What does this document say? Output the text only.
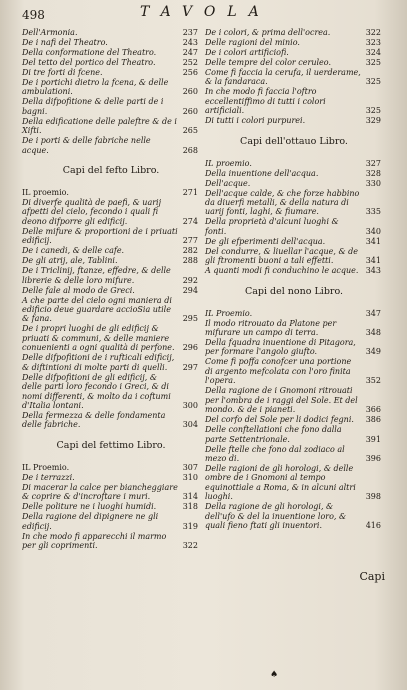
498	TAVOLA
Dell'Armonia.	237
De i nafi del Theatro.	243
Della conformatione del Theatro.	247
Del tetto del portico del Theatro.	252
Di tre forti di fcene.	256
De i portichi dietro la fcena, & delle ambulationi.	260
Della difpofitione & delle parti de i bagni.	260
Della edificatione delle paleftre & de i Xifti.	265
De i porti & delle fabriche nelle acque.	268
Capi del fefto Libro.
IL proemio.	271
Di diverfe qualità de paefi, & uarij afpetti del cielo, fecondo i quali fi deono difporre gli edificij.	274
Delle mifure & proportioni de i priuati edificij.	277
De i canedi, & delle cafe.	282
De gli atrij, ale, Tablini.	288
De i Triclinij, ftanze, effedre, & delle librerie & delle loro mifure.	292
Delle fale al modo de Greci.	294
A che parte del cielo ogni maniera di edificio deue guardare accioSia utile & fana.	295
De i propri luoghi de gli edificij & priuati & communi, & delle maniere conuenienti a ogni qualità di perfone. 296
Delle difpofitioni de i rufticali edificij, & diftintioni di molte parti di quelli. 297
Delle difpofitioni de gli edificij, & delle parti loro fecondo i Greci, & di nomi differenti, & molto da i coftumi d'Italia lontani.	300
Della fermezza & delle fondamenta delle fabriche.	304
Capi del fettimo Libro.
IL Proemio.	307
De i terrazzi.	310
Di macerar la calce per biancheggiare & coprire & d'incroftare i muri.	314
Delle politure ne i luoghi humidi.	318
Della ragione del dipignere ne gli edificij.	319
In che modo fi apparecchi il marmo per gli coprimenti.	322
De i colori, & prima dell'ocrea.	322
Delle ragioni del minio.	323
De i colori artificiofi.	324
Delle tempre del color ceruleo.	325
Come fi faccia la cerufa, il uerderame, & la fandaraca.	325
In che modo fi faccia l'oftro eccellentiffimo di tutti i colori artificiali.	325
Di tutti i colori purpurei.	329
Capi dell'ottauo Libro.
IL proemio.	327
Della inuentione dell'acqua.	328
Dell'acque.	330
Dell'acque calde, & che forze habbino da diuerfi metalli, & della natura di uarij fonti, laghi, & fiumare.	335
Della proprietà d'alcuni luoghi & fonti.	340
De gli efperimenti dell'acqua.	341
Del condurre, & liuellar l'acque, & de gli ftromenti buoni a tali effetti.	341
A quanti modi fi conduchino le acque. 343
Capi del nono Libro.
IL Proemio.	347
Il modo ritrouato da Platone per mifurare un campo di terra.	348
Della fquadra inuentione di Pitagora, per formare l'angolo giufto.	349
Come fi poffa conofcer una portione di argento mefcolata con l'oro finita l'opera.	352
Della ragione de i Gnomoni ritrouati per l'ombra de i raggi del Sole. Et del mondo. & de i pianeti.	366
Del corfo del Sole per li dodici fegni. 386
Delle conftellationi che fono dalla parte Settentrionale.	391
Delle ftelle che fono dal zodiaco al mezo di.	396
Delle ragioni de gli horologi, & delle ombre de i Gnomoni al tempo equinottiale a Roma, & in alcuni altri luoghi.	398
Della ragione de gli horologi, & dell'ufo & del la inuentione loro, & quali fieno ftati gli inuentori.	416
Capi
♠
